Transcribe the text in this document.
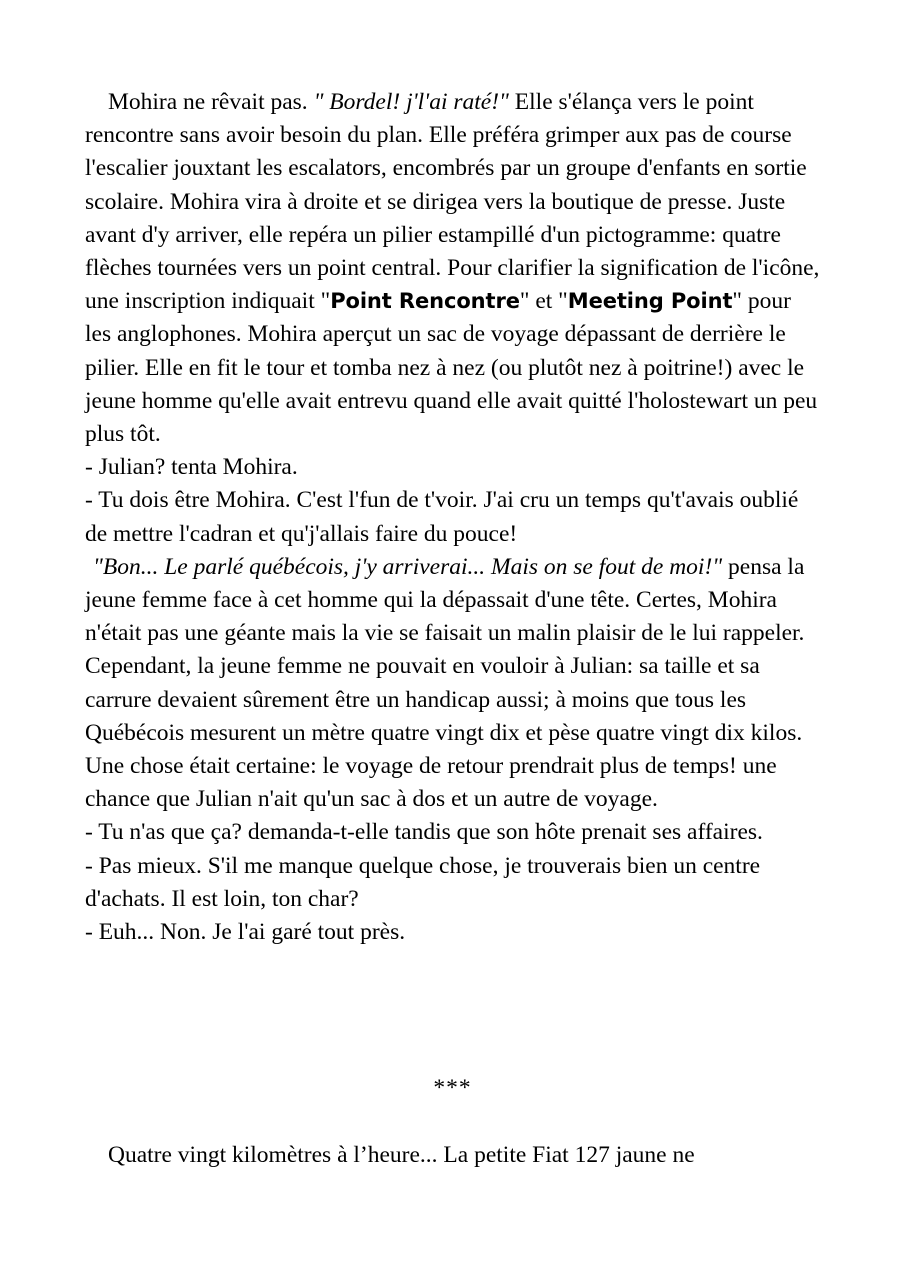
Mohira ne rêvait pas. " Bordel! j'l'ai raté!" Elle s'élança vers le point rencontre sans avoir besoin du plan. Elle préféra grimper aux pas de course l'escalier jouxtant les escalators, encombrés par un groupe d'enfants en sortie scolaire. Mohira vira à droite et se dirigea vers la boutique de presse. Juste avant d'y arriver, elle repéra un pilier estampillé d'un pictogramme: quatre flèches tournées vers un point central. Pour clarifier la signification de l'icône, une inscription indiquait "Point Rencontre" et "Meeting Point" pour les anglophones. Mohira aperçut un sac de voyage dépassant de derrière le pilier. Elle en fit le tour et tomba nez à nez (ou plutôt nez à poitrine!) avec le jeune homme qu'elle avait entrevu quand elle avait quitté l'holostewart un peu plus tôt.

- Julian? tenta Mohira.

- Tu dois être Mohira. C'est l'fun de t'voir. J'ai cru un temps qu't'avais oublié de mettre l'cadran et qu'j'allais faire du pouce!

"Bon... Le parlé québécois, j'y arriverai... Mais on se fout de moi!" pensa la jeune femme face à cet homme qui la dépassait d'une tête. Certes, Mohira n'était pas une géante mais la vie se faisait un malin plaisir de le lui rappeler. Cependant, la jeune femme ne pouvait en vouloir à Julian: sa taille et sa carrure devaient sûrement être un handicap aussi; à moins que tous les Québécois mesurent un mètre quatre vingt dix et pèse quatre vingt dix kilos. Une chose était certaine: le voyage de retour prendrait plus de temps! une chance que Julian n'ait qu'un sac à dos et un autre de voyage.

- Tu n'as que ça? demanda-t-elle tandis que son hôte prenait ses affaires.

- Pas mieux. S'il me manque quelque chose, je trouverais bien un centre d'achats. Il est loin, ton char?

- Euh... Non. Je l'ai garé tout près.

***
Quatre vingt kilomètres à l’heure... La petite Fiat 127 jaune ne
